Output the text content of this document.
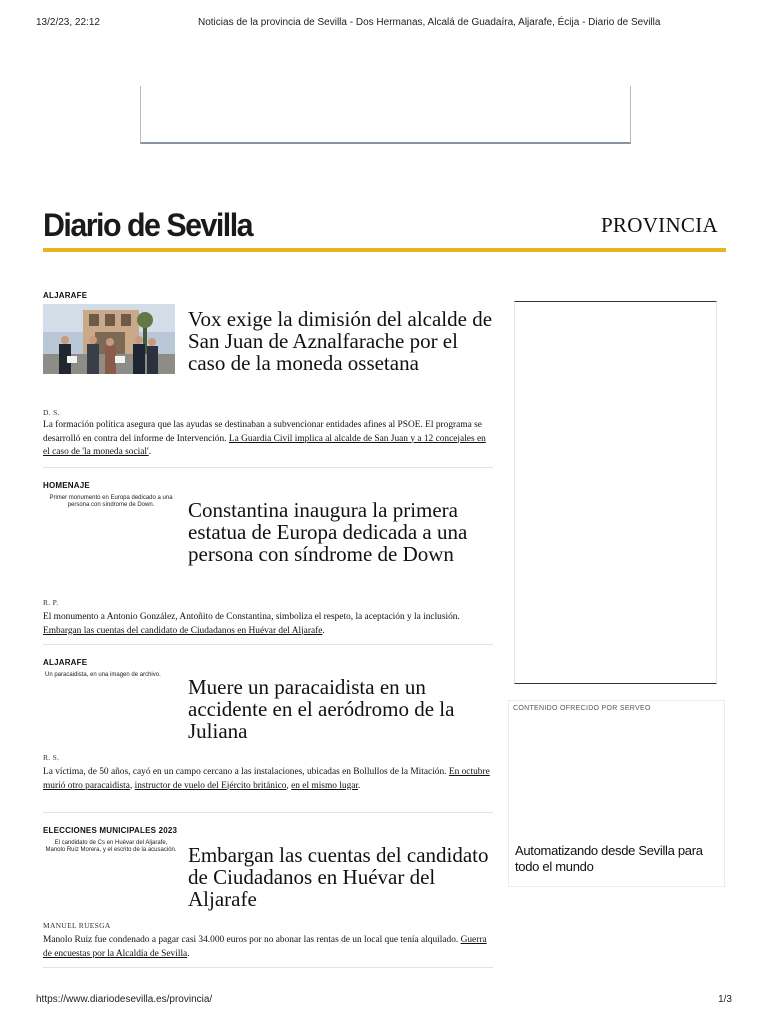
13/2/23, 22:12	Noticias de la provincia de Sevilla - Dos Hermanas, Alcalá de Guadaíra, Aljarafe, Écija - Diario de Sevilla
Diario de Sevilla	PROVINCIA
ALJARAFE
Vox exige la dimisión del alcalde de San Juan de Aznalfarache por el caso de la moneda ossetana
D. S.
La formación política asegura que las ayudas se destinaban a subvencionar entidades afines al PSOE. El programa se desarrolló en contra del informe de Intervención. La Guardia Civil implica al alcalde de San Juan y a 12 concejales en el caso de 'la moneda social'.
HOMENAJE
Primer monumento en Europa dedicado a una persona con síndrome de Down.	Constantina inaugura la primera estatua de Europa dedicada a una persona con síndrome de Down
R. P.
El monumento a Antonio González, Antoñito de Constantina, simboliza el respeto, la aceptación y la inclusión. Embargan las cuentas del candidato de Ciudadanos en Huévar del Aljarafe.
ALJARAFE
Un paracaidista, en una imagen de archivo.	Muere un paracaidista en un accidente en el aeródromo de la Juliana
R. S.
La víctima, de 50 años, cayó en un campo cercano a las instalaciones, ubicadas en Bollullos de la Mitación. En octubre murió otro paracaidista, instructor de vuelo del Ejército británico, en el mismo lugar.
ELECCIONES MUNICIPALES 2023
El candidato de Cs en Huévar del Aljarafe, Manolo Ruiz Morera, y el escrito de la acusación. Embargan las cuentas del candidato de Ciudadanos en Huévar del Aljarafe
MANUEL RUESGA
Manolo Ruiz fue condenado a pagar casi 34.000 euros por no abonar las rentas de un local que tenía alquilado. Guerra de encuestas por la Alcaldía de Sevilla.
CONTENIDO OFRECIDO POR SERVEO
Automatizando desde Sevilla para todo el mundo
https://www.diariodesevilla.es/provincia/	1/3
